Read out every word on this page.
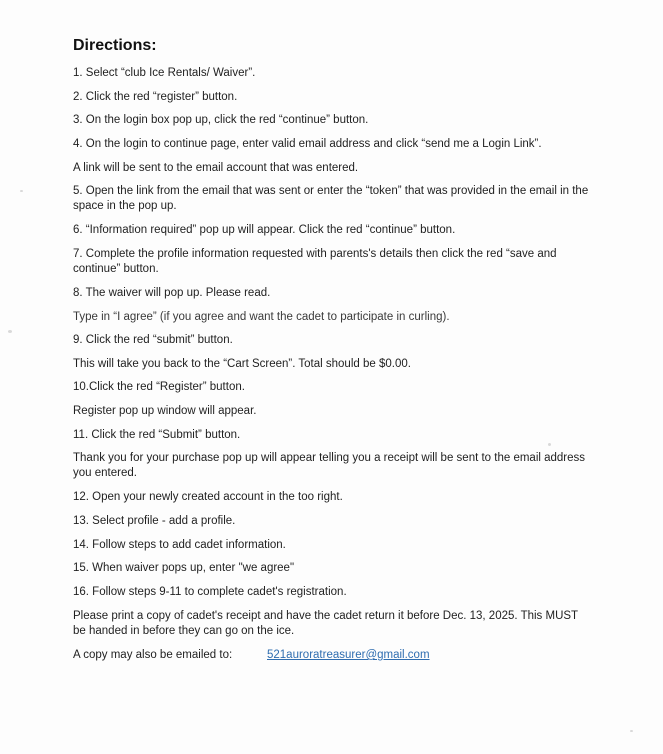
Directions:
1. Select “club Ice Rentals/ Waiver”.
2. Click the red “register” button.
3. On the login box pop up, click the red “continue” button.
4. On the login to continue page, enter valid email address and click “send me a Login Link”.
A link will be sent to the email account that was entered.
5. Open the link from the email that was sent or enter the “token” that was provided in the email in the space in the pop up.
6. “Information required” pop up will appear. Click the red “continue” button.
7. Complete the profile information requested with parents's details then click the red “save and continue” button.
8. The waiver will pop up. Please read.
Type in “I agree” (if you agree and want the cadet to participate in curling).
9. Click the red “submit” button.
This will take you back to the “Cart Screen”. Total should be $0.00.
10.Click the red “Register” button.
Register pop up window will appear.
11. Click the red “Submit” button.
Thank you for your purchase pop up will appear telling you a receipt will be sent to the email address you entered.
12. Open your newly created account in the too right.
13. Select profile - add a profile.
14. Follow steps to add cadet information.
15. When waiver pops up, enter "we agree"
16. Follow steps 9-11 to complete cadet's registration.
Please print a copy of cadet's receipt and have the cadet return it before Dec. 13, 2025. This MUST be handed in before they can go on the ice.
A copy may also be emailed to:	521auroratreasurer@gmail.com
